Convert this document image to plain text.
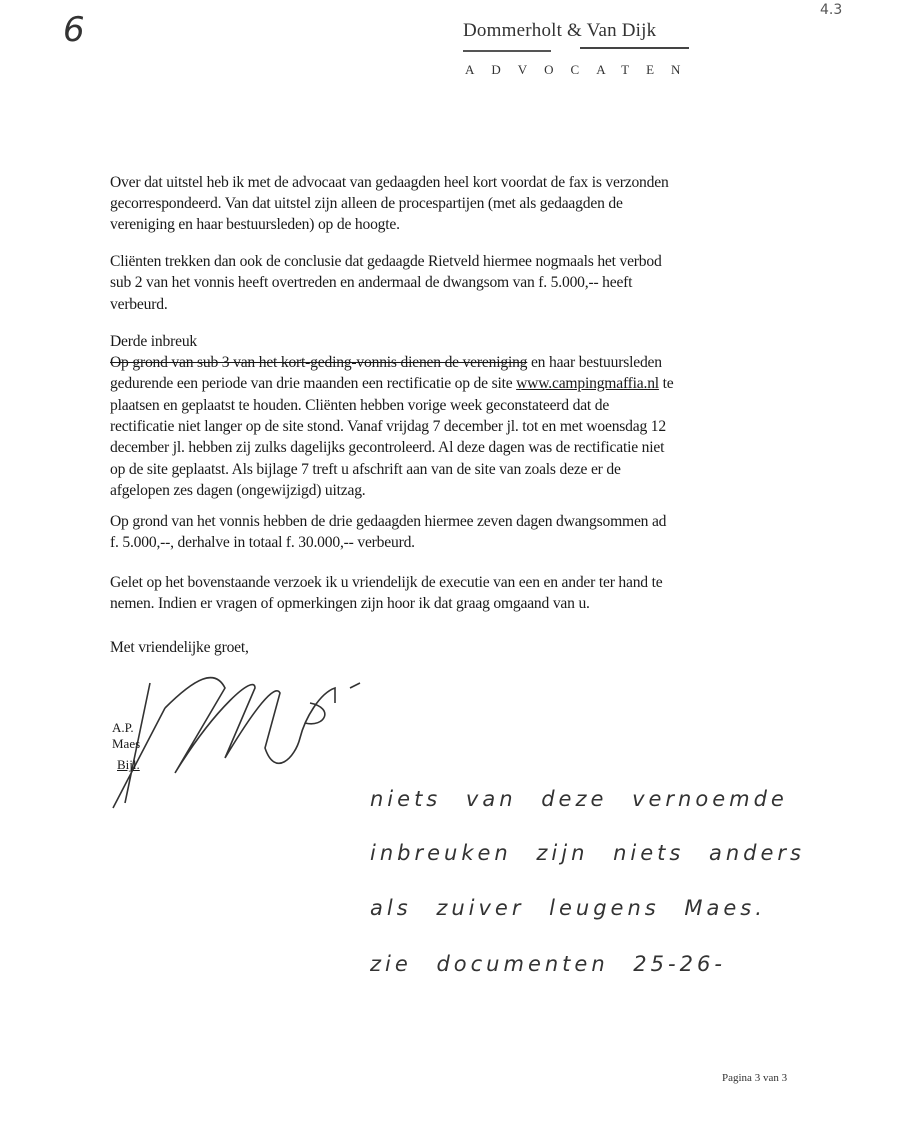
6	4.3
Dommerholt & Van Dijk
ADVOCATEN
Over dat uitstel heb ik met de advocaat van gedaagden heel kort voordat de fax is verzonden
gecorrespondeerd. Van dat uitstel zijn alleen de procespartijen (met als gedaagden de
vereniging en haar bestuursleden) op de hoogte.
Cliënten trekken dan ook de conclusie dat gedaagde Rietveld hiermee nogmaals het verbod
sub 2 van het vonnis heeft overtreden en andermaal de dwangsom van f. 5.000,-- heeft
verbeurd.
Derde inbreuk
Op grond van sub 3 van het kort-geding-vonnis dienen de vereniging en haar bestuursleden
gedurende een periode van drie maanden een rectificatie op de site www.campingmaffia.nl te
plaatsen en geplaatst te houden. Cliënten hebben vorige week geconstateerd dat de
rectificatie niet langer op de site stond. Vanaf vrijdag 7 december jl. tot en met woensdag 12
december jl. hebben zij zulks dagelijks gecontroleerd. Al deze dagen was de rectificatie niet
op de site geplaatst. Als bijlage 7 treft u afschrift aan van de site van zoals deze er de
afgelopen zes dagen (ongewijzigd) uitzag.
Op grond van het vonnis hebben de drie gedaagden hiermee zeven dagen dwangsommen ad
f. 5.000,--, derhalve in totaal f. 30.000,-- verbeurd.
Gelet op het bovenstaande verzoek ik u vriendelijk de executie van een en ander ter hand te
nemen. Indien er vragen of opmerkingen zijn hoor ik dat graag omgaand van u.
Met vriendelijke groet,
A.P. Maes
Bijl.
niets van deze vernoemde
inbreuken zijn niets anders
als zuiver leugens Maes.
zie documenten 25-26-
Pagina 3 van 3
